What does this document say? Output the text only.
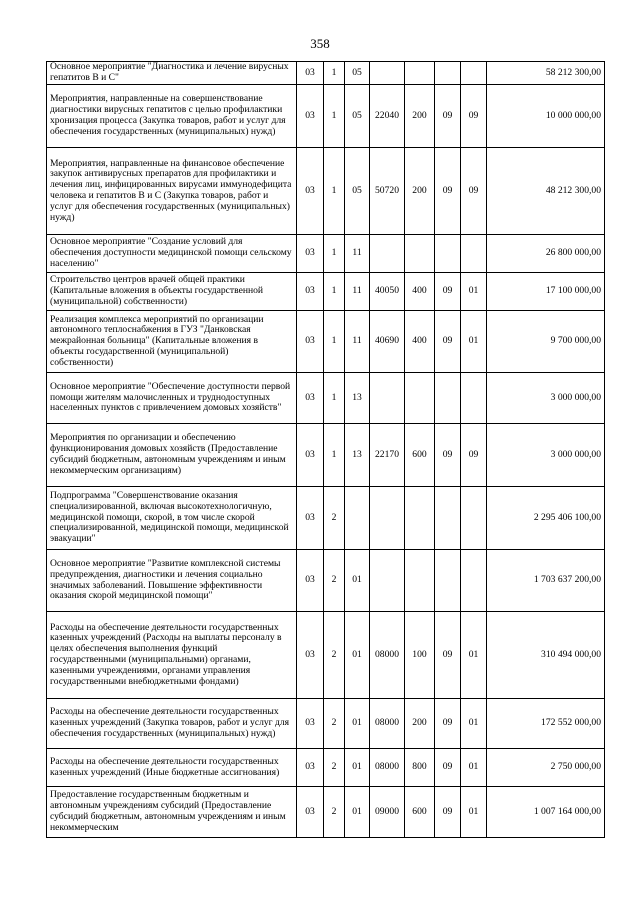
358
Основное мероприятие "Диагностика и лечение вирусных гепатитов В и С"	03	1	05					58 212 300,00
Мероприятия, направленные на совершенствование диагностики вирусных гепатитов с целью профилактики хронизация процесса (Закупка товаров, работ и услуг для обеспечения государственных (муниципальных) нужд)	03	1	05	22040	200	09	09	10 000 000,00
Мероприятия, направленные на финансовое обеспечение закупок антивирусных препаратов для профилактики и лечения лиц, инфицированных вирусами иммунодефицита человека и гепатитов В и С (Закупка товаров, работ и услуг для обеспечения государственных (муниципальных) нужд)	03	1	05	50720	200	09	09	48 212 300,00
Основное мероприятие "Создание условий для обеспечения доступности медицинской помощи сельскому населению"	03	1	11					26 800 000,00
Строительство центров врачей общей практики (Капитальные вложения в объекты государственной (муниципальной) собственности)	03	1	11	40050	400	09	01	17 100 000,00
Реализация комплекса мероприятий по организации автономного теплоснабжения в ГУЗ "Данковская межрайонная больница" (Капитальные вложения в объекты государственной (муниципальной) собственности)	03	1	11	40690	400	09	01	9 700 000,00
Основное мероприятие "Обеспечение доступности первой помощи жителям малочисленных и труднодоступных населенных пунктов с привлечением домовых хозяйств"	03	1	13					3 000 000,00
Мероприятия по организации и обеспечению функционирования домовых хозяйств (Предоставление субсидий бюджетным, автономным учреждениям и иным некоммерческим организациям)	03	1	13	22170	600	09	09	3 000 000,00
Подпрограмма "Совершенствование оказания специализированной, включая высокотехнологичную, медицинской помощи, скорой, в том числе скорой специализированной, медицинской помощи, медицинской эвакуации"	03	2						2 295 406 100,00
Основное мероприятие "Развитие комплексной системы предупреждения, диагностики и лечения социально значимых заболеваний. Повышение эффективности оказания скорой медицинской помощи"	03	2	01					1 703 637 200,00
Расходы на обеспечение деятельности государственных казенных учреждений (Расходы на выплаты персоналу в целях обеспечения выполнения функций государственными (муниципальными) органами, казенными учреждениями, органами управления государственными внебюджетными фондами)	03	2	01	08000	100	09	01	310 494 000,00
Расходы на обеспечение деятельности государственных казенных учреждений (Закупка товаров, работ и услуг для обеспечения государственных (муниципальных) нужд)	03	2	01	08000	200	09	01	172 552 000,00
Расходы на обеспечение деятельности государственных казенных учреждений (Иные бюджетные ассигнования)	03	2	01	08000	800	09	01	2 750 000,00
Предоставление государственным бюджетным и автономным учреждениям субсидий (Предоставление субсидий бюджетным, автономным учреждениям и иным некоммерческим	03	2	01	09000	600	09	01	1 007 164 000,00
